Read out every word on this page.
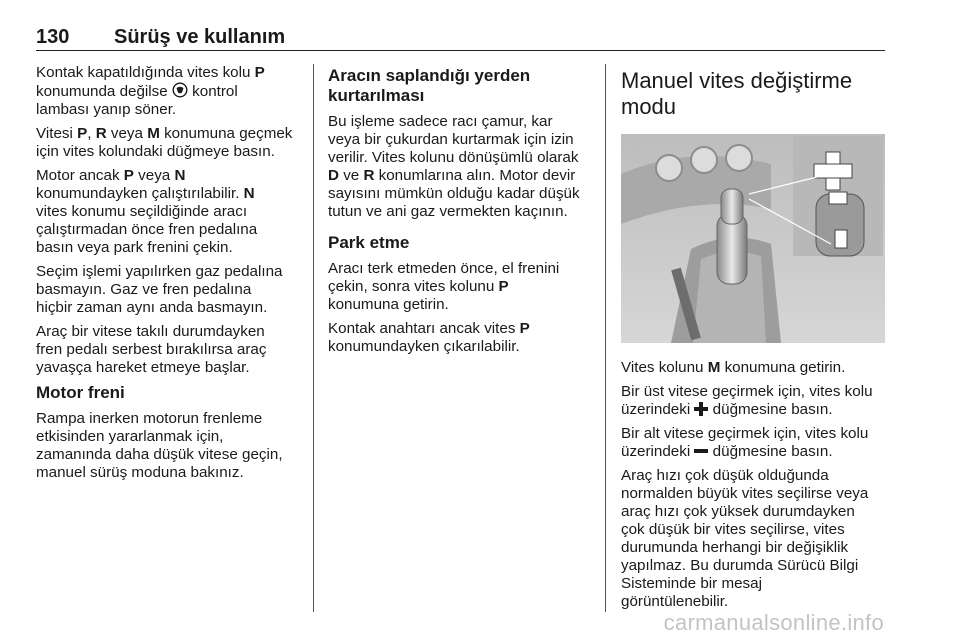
130 Sürüş ve kullanım

Kontak kapatıldığında vites kolu P
konumunda değilse  kontrol
lambası yanıp söner.

Vitesi P, R veya M konumuna geçmek
için vites kolundaki düğmeye basın.

Motor ancak P veya N
konumundayken çalıştırılabilir. N
vites konumu seçildiğinde aracı
çalıştırmadan önce fren pedalına
basın veya park frenini çekin.

Seçim işlemi yapılırken gaz pedalına
basmayın. Gaz ve fren pedalına
hiçbir zaman aynı anda basmayın.

Araç bir vitese takılı durumdayken
fren pedalı serbest bırakılırsa araç
yavaşça hareket etmeye başlar.

Motor freni

Rampa inerken motorun frenleme
etkisinden yararlanmak için,
zamanında daha düşük vitese geçin,
manuel sürüş moduna bakınız.

Aracın saplandığı yerden
kurtarılması

Bu işleme sadece racı çamur, kar
veya bir çukurdan kurtarmak için izin
verilir. Vites kolunu dönüşümlü olarak
D ve R konumlarına alın. Motor devir
sayısını mümkün olduğu kadar düşük
tutun ve ani gaz vermekten kaçının.

Park etme

Aracı terk etmeden önce, el frenini
çekin, sonra vites kolunu P
konumuna getirin.

Kontak anahtarı ancak vites P
konumundayken çıkarılabilir.

Manuel vites değiştirme
modu

Vites kolunu M konumuna getirin.

Bir üst vitese geçirmek için, vites kolu
üzerindeki  düğmesine basın.

Bir alt vitese geçirmek için, vites kolu
üzerindeki  düğmesine basın.

Araç hızı çok düşük olduğunda
normalden büyük vites seçilirse veya
araç hızı çok yüksek durumdayken
çok düşük bir vites seçilirse, vites
durumunda herhangi bir değişiklik
yapılmaz. Bu durumda Sürücü Bilgi
Sisteminde bir mesaj
görüntülenebilir.

carmanualsonline.info
